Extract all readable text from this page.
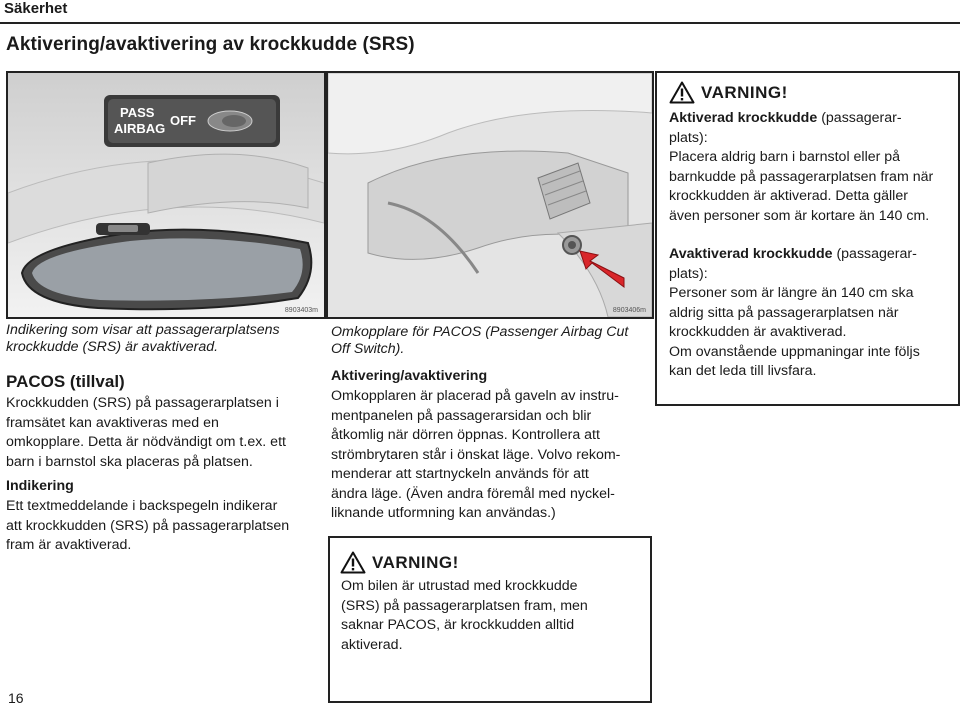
Säkerhet
Aktivering/avaktivering av krockkudde (SRS)
PASS
AIRBAG
OFF
8903403m	8903406m
Indikering som visar att passagerarplatsens krockkudde (SRS) är avaktiverad.
PACOS (tillval)
Krockkudden (SRS) på passagerarplatsen i
framsätet kan avaktiveras med en
omkopplare. Detta är nödvändigt om t.ex. ett
barn i barnstol ska placeras på platsen.
Indikering
Ett textmeddelande i backspegeln indikerar
att krockkudden (SRS) på passagerarplatsen
fram är avaktiverad.
Omkopplare för PACOS (Passenger Airbag Cut Off Switch).
Aktivering/avaktivering
Omkopplaren är placerad på gaveln av instru-
mentpanelen på passagerarsidan och blir
åtkomlig när dörren öppnas. Kontrollera att
strömbrytaren står i önskat läge. Volvo rekom-
menderar att startnyckeln används för att
ändra läge. (Även andra föremål med nyckel-
liknande utformning kan användas.)
VARNING!
Om bilen är utrustad med krockkudde
(SRS) på passagerarplatsen fram, men
saknar PACOS, är krockkudden alltid
aktiverad.
VARNING!
Aktiverad krockkudde (passagerar-
plats):
Placera aldrig barn i barnstol eller på
barnkudde på passagerarplatsen fram när
krockkudden är aktiverad. Detta gäller
även personer som är kortare än 140 cm.
Avaktiverad krockkudde (passagerar-
plats):
Personer som är längre än 140 cm ska
aldrig sitta på passagerarplatsen när
krockkudden är avaktiverad.
Om ovanstående uppmaningar inte följs
kan det leda till livsfara.
16
